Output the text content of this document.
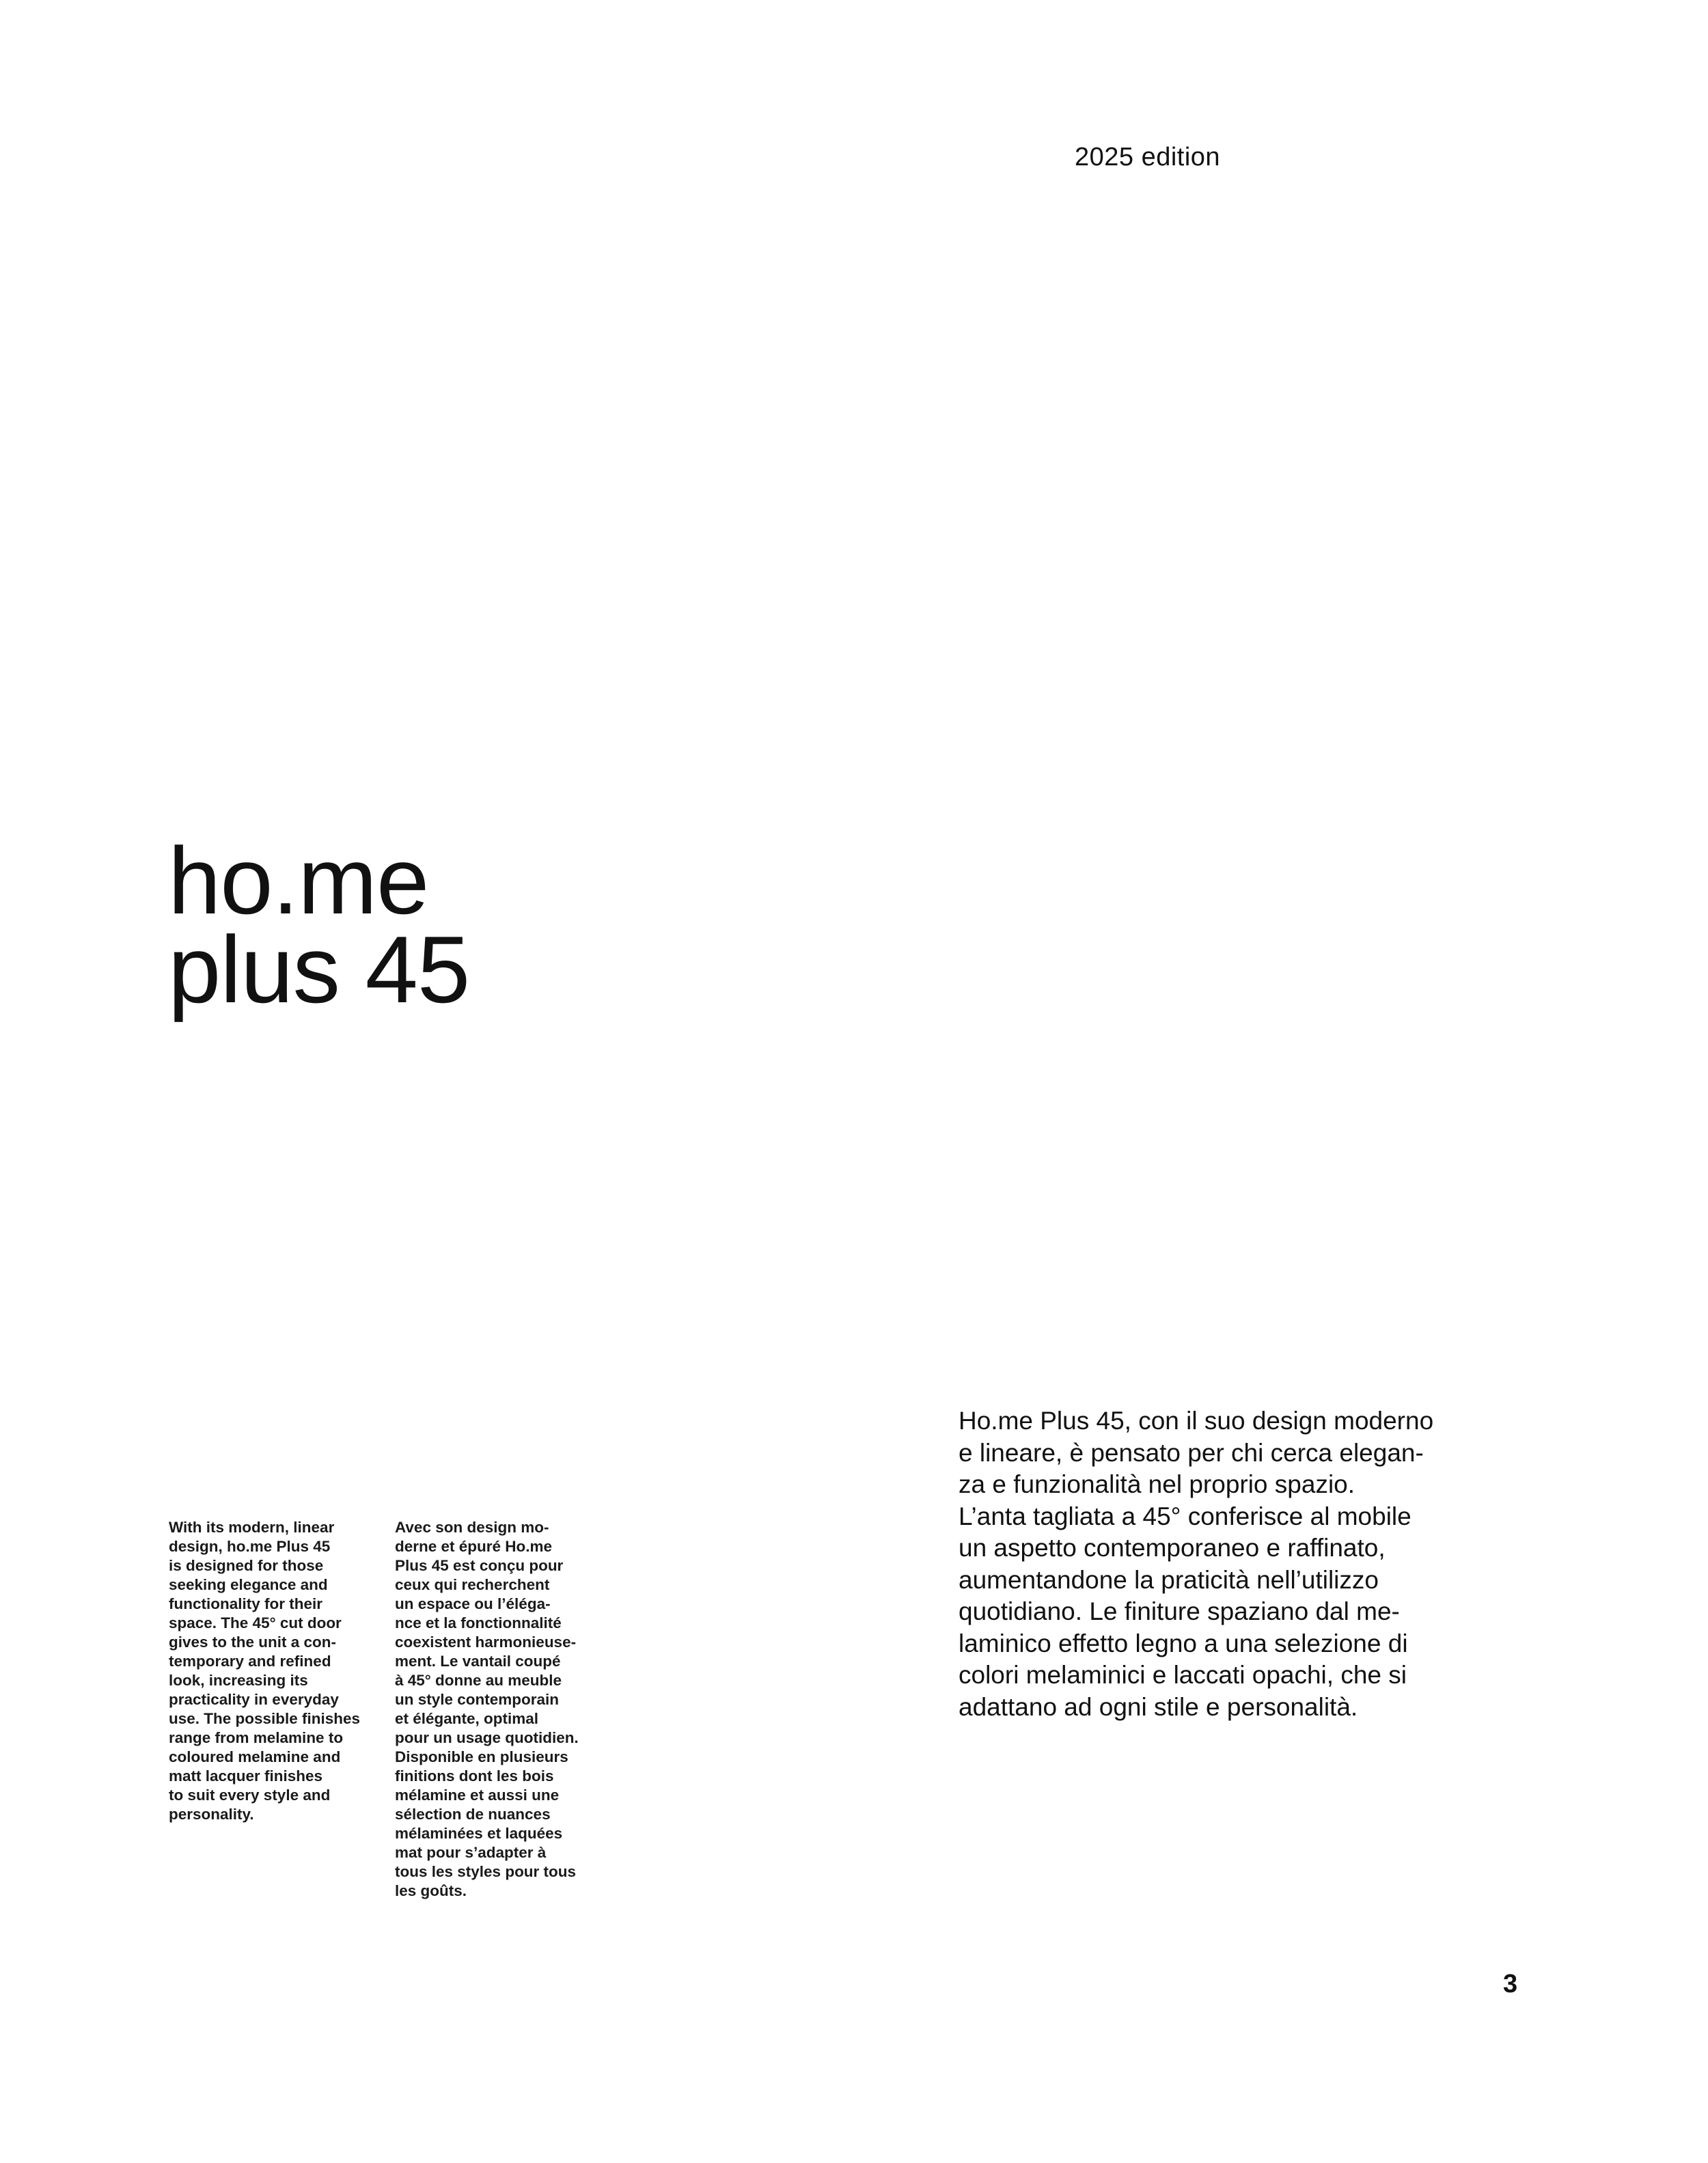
2025 edition
ho.me
plus 45

With its modern, linear
design, ho.me Plus 45
is designed for those
seeking elegance and
functionality for their
space. The 45° cut door
gives to the unit a con-
temporary and refined
look, increasing its
practicality in everyday
use. The possible finishes
range from melamine to
coloured melamine and
matt lacquer finishes
to suit every style and
personality.

Avec son design mo-
derne et épuré Ho.me
Plus 45 est conçu pour
ceux qui recherchent
un espace ou l’éléga-
nce et la fonctionnalité
coexistent harmonieuse-
ment. Le vantail coupé
à 45° donne au meuble
un style contemporain
et élégante, optimal
pour un usage quotidien.
Disponible en plusieurs
finitions dont les bois
mélamine et aussi une
sélection de nuances
mélaminées et laquées
mat pour s’adapter à
tous les styles pour tous
les goûts.

Ho.me Plus 45, con il suo design moderno
e lineare, è pensato per chi cerca elegan-
za e funzionalità nel proprio spazio.
L’anta tagliata a 45° conferisce al mobile
un aspetto contemporaneo e raffinato,
aumentandone la praticità nell’utilizzo
quotidiano. Le finiture spaziano dal me-
laminico effetto legno a una selezione di
colori melaminici e laccati opachi, che si
adattano ad ogni stile e personalità.

3
